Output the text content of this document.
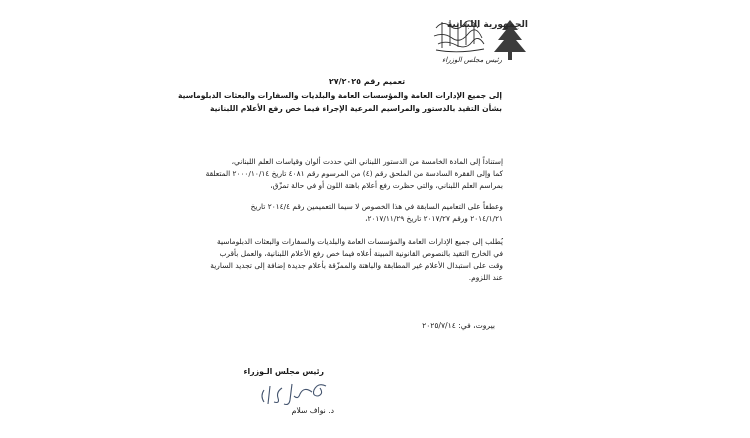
الجمهورية اللبنانية
رئيس مجلس الوزراء
تعميم رقم ٢٧/٢٠٢٥
إلى جميع الإدارات العامة والمؤسسات العامة والبلديات والسفارات والبعثات الدبلوماسية
بشأن التقيد بالدستور والمراسيم المرعية الإجراء فيما خص رفع الأعلام اللبنانية
إستناداً إلى المادة الخامسة من الدستور اللبناني التي حددت ألوان وقياسات العلم اللبناني،
كما وإلى الفقرة السادسة من الملحق رقم (٤) من المرسوم رقم ٤٠٨١ تاريخ ٢٠٠٠/١٠/١٤ المتعلقة
بمراسم العلم اللبناني، والتي حظرت رفع أعلام باهتة اللون أو في حالة تمزّق،
وعطفاً على التعاميم السابقة في هذا الخصوص لا سيما التعميمين رقم ٢٠١٤/٤ تاريخ
٢٠١٤/١/٢١ ورقم ٢٠١٧/٢٧ تاريخ ٢٠١٧/١١/٢٩،
يُطلب إلى جميع الإدارات العامة والمؤسسات العامة والبلديات والسفارات والبعثات الدبلوماسية
في الخارج التقيد بالنصوص القانونية المبينة أعلاه فيما خص رفع الأعلام اللبنانية، والعمل بأقرب
وقت على استبدال الأعلام غير المطابقة والباهتة والممزّقة بأعلام جديدة إضافة إلى تجديد السارية
عند اللزوم.
بيروت، في: ٢٠٢٥/٧/١٤
رئيس مجلس الـوزراء
د. نواف سلام
